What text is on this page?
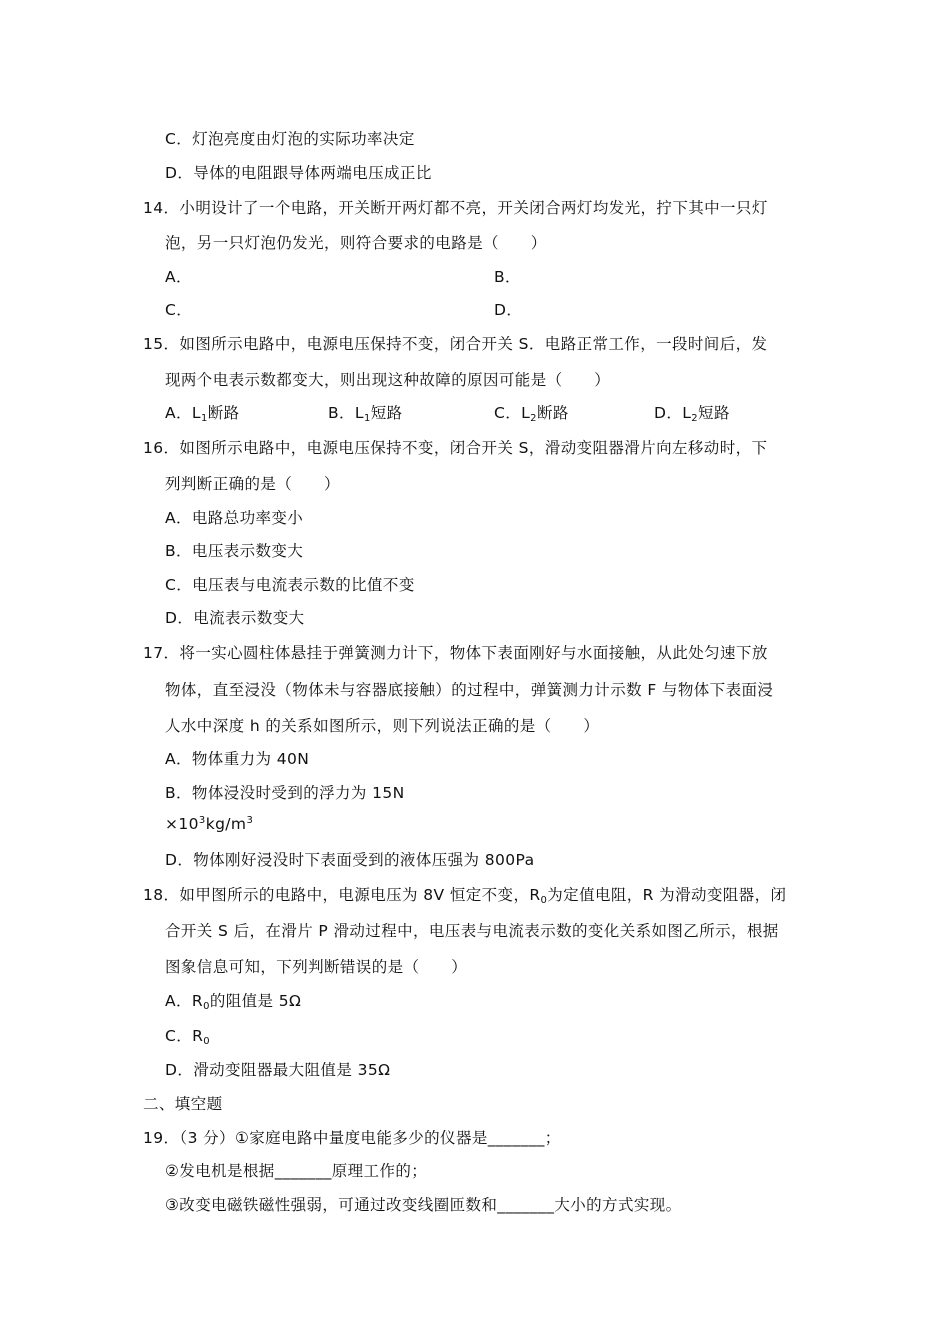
C．灯泡亮度由灯泡的实际功率决定
D．导体的电阻跟导体两端电压成正比
14．小明设计了一个电路，开关断开两灯都不亮，开关闭合两灯均发光，拧下其中一只灯
泡，另一只灯泡仍发光，则符合要求的电路是（　　）
A．	B．
C．	D．
15．如图所示电路中，电源电压保持不变，闭合开关 S．电路正常工作，一段时间后，发
现两个电表示数都变大，则出现这种故障的原因可能是（　　）
A．$L_1$断路	B．$L_1$短路	C．$L_2$断路	D．$L_2$短路
16．如图所示电路中，电源电压保持不变，闭合开关 S，滑动变阻器滑片向左移动时，下
列判断正确的是（　　）
A．电路总功率变小
B．电压表示数变大
C．电压表与电流表示数的比值不变
D．电流表示数变大
17．将一实心圆柱体悬挂于弹簧测力计下，物体下表面刚好与水面接触，从此处匀速下放
物体，直至浸没（物体未与容器底接触）的过程中，弹簧测力计示数 F 与物体下表面浸
人水中深度 h 的关系如图所示，则下列说法正确的是（　　）
A．物体重力为 40N
B．物体浸没时受到的浮力为 15N
$\times 10^3kg/m^3$
D．物体刚好浸没时下表面受到的液体压强为 800Pa
18．如甲图所示的电路中，电源电压为 8V 恒定不变，$R_0$为定值电阻，R 为滑动变阻器，闭
合开关 S 后，在滑片 P 滑动过程中，电压表与电流表示数的变化关系如图乙所示，根据
图象信息可知，下列判断错误的是（　　）
A．$R_0$的阻值是 5Ω
C．$R_0$
D．滑动变阻器最大阻值是 35Ω
二、填空题
19．（3 分）①家庭电路中量度电能多少的仪器是_______；
②发电机是根据_______原理工作的；
③改变电磁铁磁性强弱，可通过改变线圈匝数和_______大小的方式实现。
